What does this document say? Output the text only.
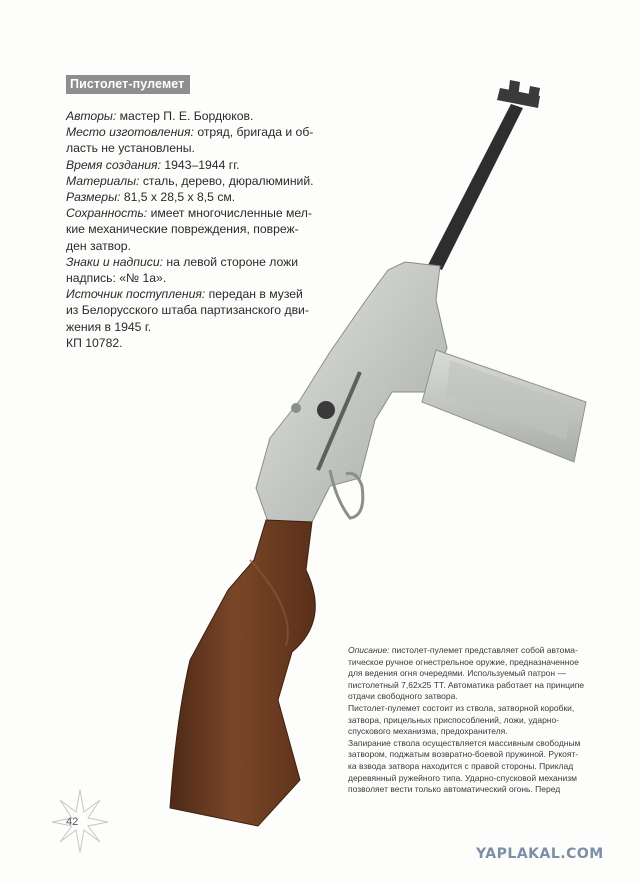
Пистолет-пулемет
Авторы: мастер П. Е. Бордюков.
Место изготовления: отряд, бригада и об-
ласть не установлены.
Время создания: 1943–1944 гг.
Материалы: сталь, дерево, дюралюминий.
Размеры: 81,5 х 28,5 х 8,5 см.
Сохранность: имеет многочисленные мел-
кие механические повреждения, повреж-
ден затвор.
Знаки и надписи: на левой стороне ложи
надпись: «№ 1а».
Источник поступления: передан в музей
из Белорусского штаба партизанского дви-
жения в 1945 г.
КП 10782.
Описание: пистолет-пулемет представляет собой автома-
тическое ручное огнестрельное оружие, предназначенное
для ведения огня очередями. Используемый патрон —
пистолетный 7,62х25 ТТ. Автоматика работает на принципе
отдачи свободного затвора.
Пистолет-пулемет состоит из ствола, затворной коробки,
затвора, прицельных приспособлений, ложи, ударно-
спускового механизма, предохранителя.
Запирание ствола осуществляется массивным свободным
затвором, поджатым возвратно-боевой пружиной. Рукоят-
ка взвода затвора находится с правой стороны. Приклад
деревянный ружейного типа. Ударно-спусковой механизм
позволяет вести только автоматический огонь. Перед
42
YAPLAKAL.COM
